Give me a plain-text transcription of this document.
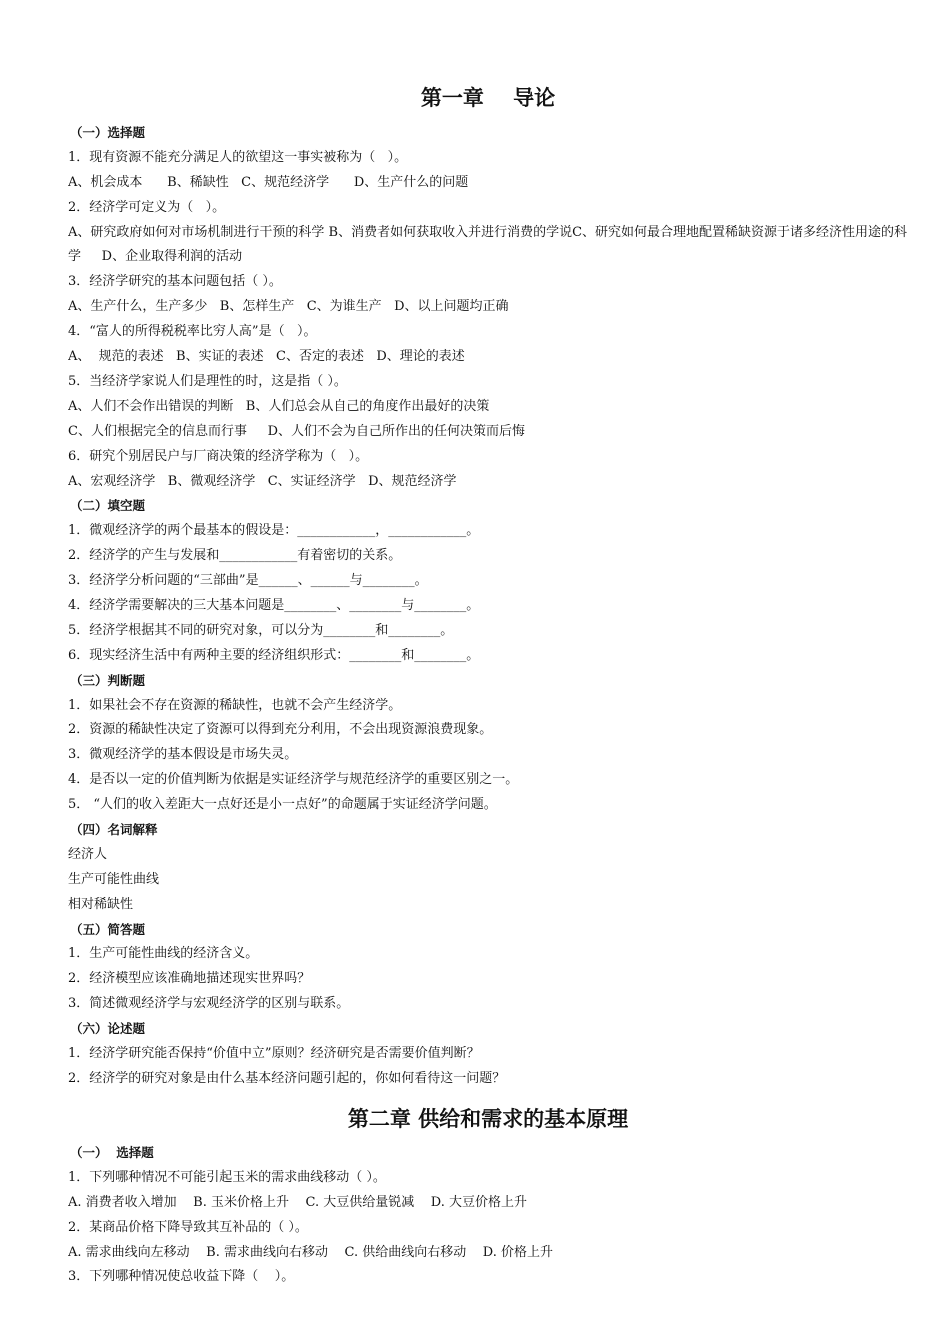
第一章    导论
（一）选择题
1．现有资源不能充分满足人的欲望这一事实被称为（   ）。
A、机会成本      B、稀缺性   C、规范经济学      D、生产什么的问题
2．经济学可定义为（   ）。
A、研究政府如何对市场机制进行干预的科学 B、消费者如何获取收入并进行消费的学说C、研究如何最合理地配置稀缺资源于诸多经济性用途的科学     D、企业取得利润的活动
3．经济学研究的基本问题包括（ ）。
A、生产什么，生产多少   B、怎样生产   C、为谁生产   D、以上问题均正确
4．“富人的所得税税率比穷人高”是（   ）。
A、  规范的表述   B、实证的表述   C、否定的表述   D、理论的表述
5．当经济学家说人们是理性的时，这是指（ ）。
A、人们不会作出错误的判断   B、人们总会从自己的角度作出最好的决策
C、人们根据完全的信息而行事     D、人们不会为自己所作出的任何决策而后悔
6．研究个别居民户与厂商决策的经济学称为（   ）。
A、宏观经济学   B、微观经济学   C、实证经济学   D、规范经济学
（二）填空题
1．微观经济学的两个最基本的假设是：____________，____________。
2．经济学的产生与发展和____________有着密切的关系。
3．经济学分析问题的“三部曲”是______、______与________。
4．经济学需要解决的三大基本问题是________、________与________。
5．经济学根据其不同的研究对象，可以分为________和________。
6．现实经济生活中有两种主要的经济组织形式：________和________。
（三）判断题
1．如果社会不存在资源的稀缺性，也就不会产生经济学。
2．资源的稀缺性决定了资源可以得到充分利用，不会出现资源浪费现象。
3．微观经济学的基本假设是市场失灵。
4．是否以一定的价值判断为依据是实证经济学与规范经济学的重要区别之一。
5． “人们的收入差距大一点好还是小一点好”的命题属于实证经济学问题。
（四）名词解释
经济人
生产可能性曲线
相对稀缺性
（五）简答题
1．生产可能性曲线的经济含义。
2．经济模型应该准确地描述现实世界吗？
3．简述微观经济学与宏观经济学的区别与联系。
（六）论述题
1．经济学研究能否保持“价值中立”原则？经济研究是否需要价值判断？
2．经济学的研究对象是由什么基本经济问题引起的，你如何看待这一问题？
第二章 供给和需求的基本原理
（一）  选择题
1．下列哪种情况不可能引起玉米的需求曲线移动（ ）。
A. 消费者收入增加    B. 玉米价格上升    C. 大豆供给量锐减    D. 大豆价格上升
2．某商品价格下降导致其互补品的（ ）。
A. 需求曲线向左移动    B. 需求曲线向右移动    C. 供给曲线向右移动    D. 价格上升
3．下列哪种情况使总收益下降（    ）。
